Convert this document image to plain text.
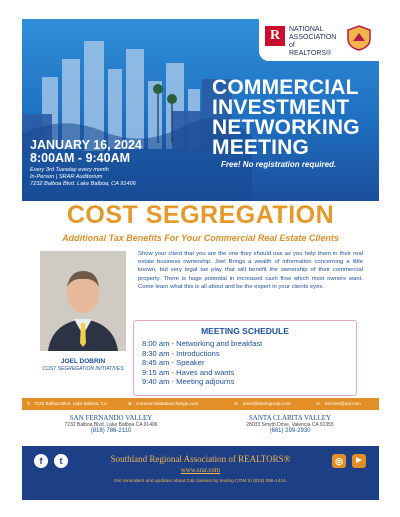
R	NATIONAL ASSOCIATION of REALTORS®
COMMERCIAL
INVESTMENT
NETWORKING
MEETING
Free! No registration required.
JANUARY 16, 2024
8:00AM - 9:40AM
Every 3rd Tuesday every month
In-Person | SRAR Auditorium
7232 Balboa Blvd. Lake Balboa, CA 91406
COST SEGREGATION
Additional Tax Benefits For Your Commercial Real Estate Clients
JOEL DOBRIN
COST SEGREGATION INITIATIVES
Show your client that you are the one they should use as you help them in their real estate business ownership. Joel Brings a wealth of information concerning a little known, but very legal tax play that will benefit the ownership of their commercial property. There is huge potential in increased cash flow which most owners want. Come learn what this is all about and be the expert in your clients eyes.
MEETING SCHEDULE
8:00 am - Networking and breakfast
8:30 am - Introductions
8:45 am - Speaker
9:15 am - Haves and wants
9:40 am - Meeting adjourns
⚲ 7232 Balboa Blvd. Lake Balboa, CA	⊕ commercialdataexchange.com	✉ amie@kitaregroup.com	✉ Mocknr@aol.com
SAN FERNANDO VALLEY
7232 Balboa Blvd. Lake Balboa CA 91406
(818) 786-2110
SANTA CLARITA VALLEY
28033 Smyth Drive, Valencia CA 91355
(661) 299-2930
f	t	◎	▶
Southland Regional Association of REALTORS®
www.srar.com
Get reminders and updates about C&I classes by texting COM to (818) 356-1414.
